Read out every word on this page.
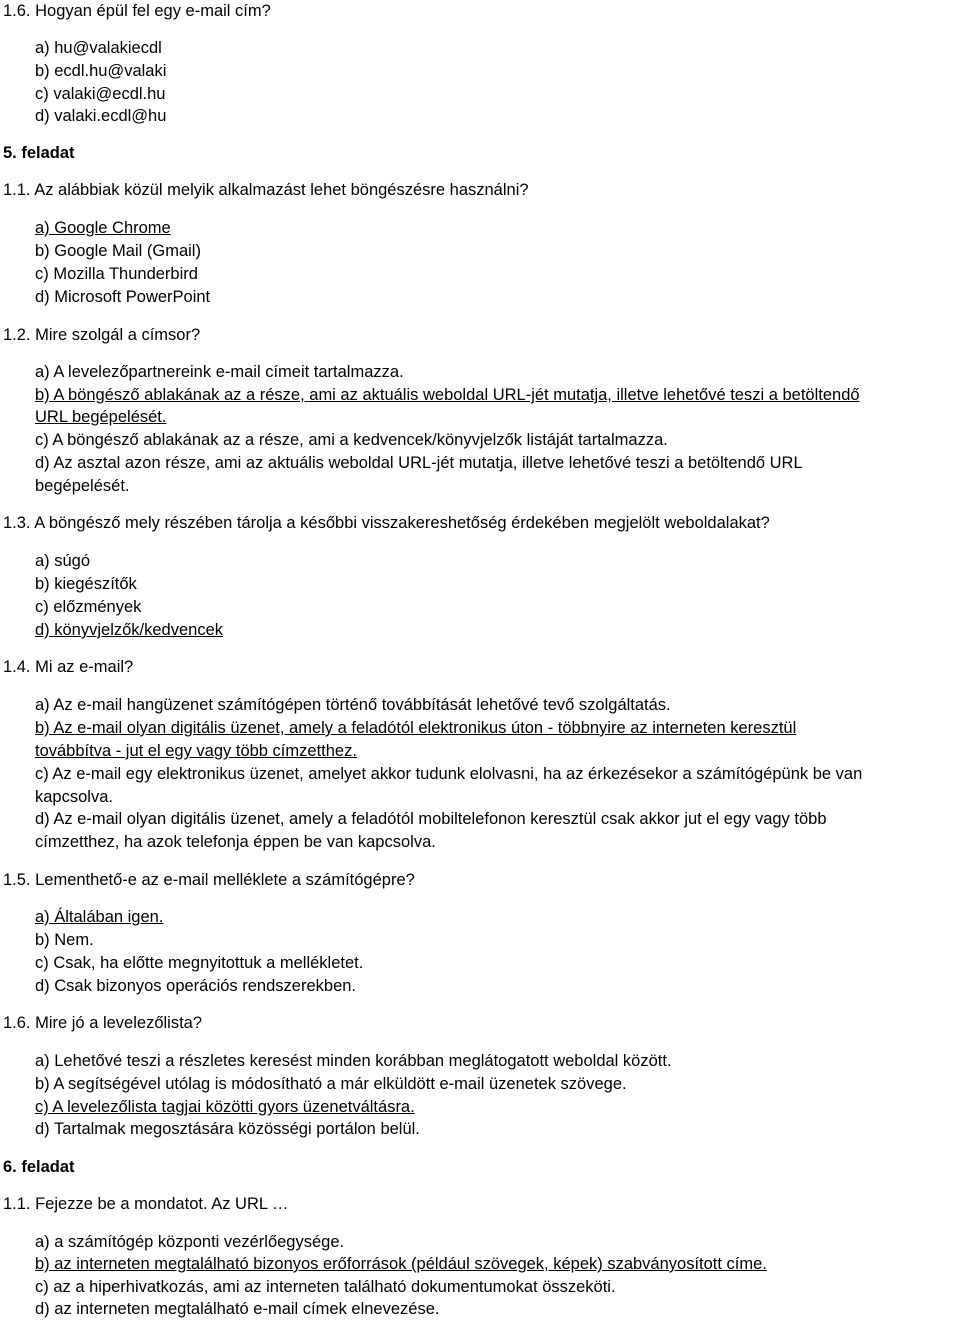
1.6. Hogyan épül fel egy e-mail cím?

a) hu@valakiecdl

b) ecdl.hu@valaki

c) valaki@ecdl.hu

d) valaki.ecdl@hu

5. feladat

1.1. Az alábbiak közül melyik alkalmazást lehet böngészésre használni?

a) Google Chrome

b) Google Mail (Gmail)

c) Mozilla Thunderbird

d) Microsoft PowerPoint

1.2. Mire szolgál a címsor?

a) A levelezőpartnereink e-mail címeit tartalmazza.

b) A böngésző ablakának az a része, ami az aktuális weboldal URL-jét mutatja, illetve lehetővé teszi a betöltendő

URL begépelését.

c) A böngésző ablakának az a része, ami a kedvencek/könyvjelzők listáját tartalmazza.

d) Az asztal azon része, ami az aktuális weboldal URL-jét mutatja, illetve lehetővé teszi a betöltendő URL

begépelését.

1.3. A böngésző mely részében tárolja a későbbi visszakereshetőség érdekében megjelölt weboldalakat?

a) súgó

b) kiegészítők

c) előzmények

d) könyvjelzők/kedvencek

1.4. Mi az e-mail?

a) Az e-mail hangüzenet számítógépen történő továbbítását lehetővé tevő szolgáltatás.

b) Az e-mail olyan digitális üzenet, amely a feladótól elektronikus úton - többnyire az interneten keresztül

továbbítva - jut el egy vagy több címzetthez.

c) Az e-mail egy elektronikus üzenet, amelyet akkor tudunk elolvasni, ha az érkezésekor a számítógépünk be van

kapcsolva.

d) Az e-mail olyan digitális üzenet, amely a feladótól mobiltelefonon keresztül csak akkor jut el egy vagy több

címzetthez, ha azok telefonja éppen be van kapcsolva.

1.5. Lementhető-e az e-mail melléklete a számítógépre?

a) Általában igen.

b) Nem.

c) Csak, ha előtte megnyitottuk a mellékletet.

d) Csak bizonyos operációs rendszerekben.

1.6. Mire jó a levelezőlista?

a) Lehetővé teszi a részletes keresést minden korábban meglátogatott weboldal között.

b) A segítségével utólag is módosítható a már elküldött e-mail üzenetek szövege.

c) A levelezőlista tagjai közötti gyors üzenetváltásra.

d) Tartalmak megosztására közösségi portálon belül.

6. feladat

1.1. Fejezze be a mondatot. Az URL …

a) a számítógép központi vezérlőegysége.

b) az interneten megtalálható bizonyos erőforrások (például szövegek, képek) szabványosított címe.

c) az a hiperhivatkozás, ami az interneten található dokumentumokat összeköti.

d) az interneten megtalálható e-mail címek elnevezése.
